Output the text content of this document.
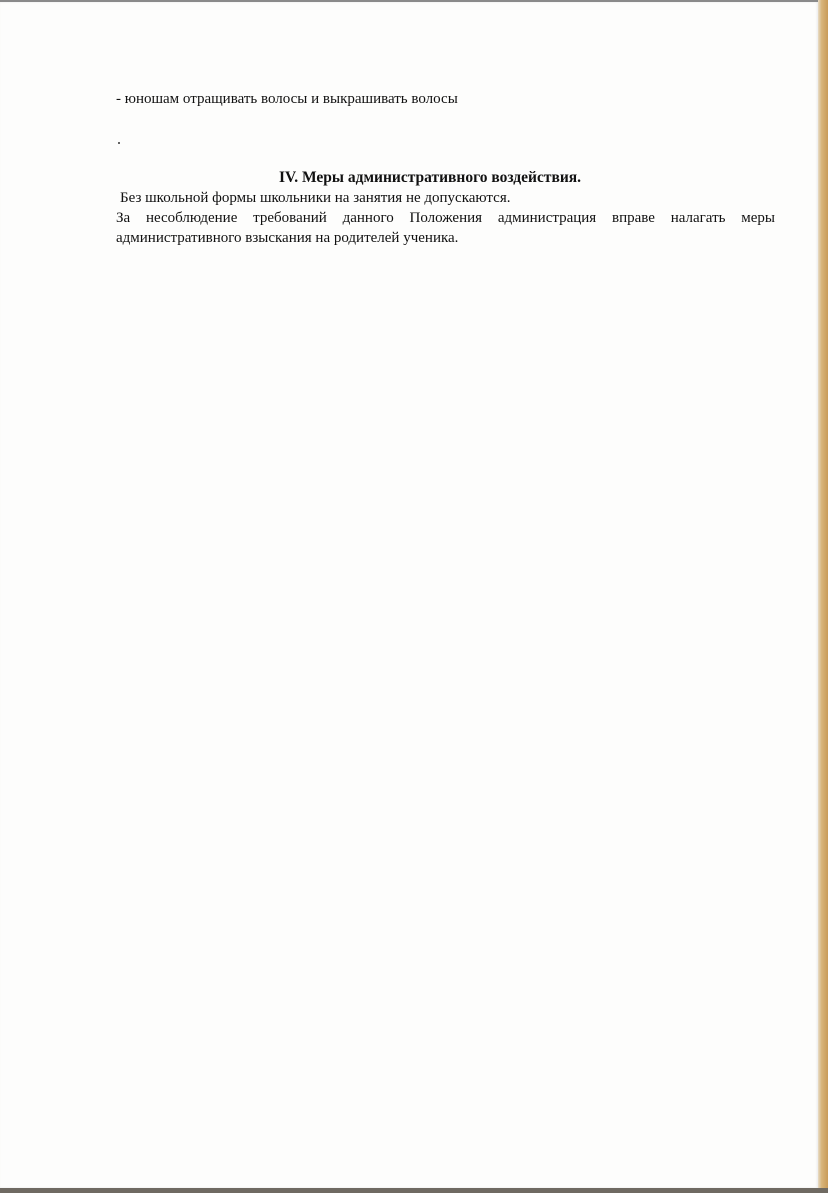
- юношам отращивать волосы и выкрашивать волосы
IV. Меры административного воздействия.
Без школьной формы школьники на занятия не допускаются.
За несоблюдение требований данного Положения администрация вправе налагать меры
административного взыскания на родителей ученика.
